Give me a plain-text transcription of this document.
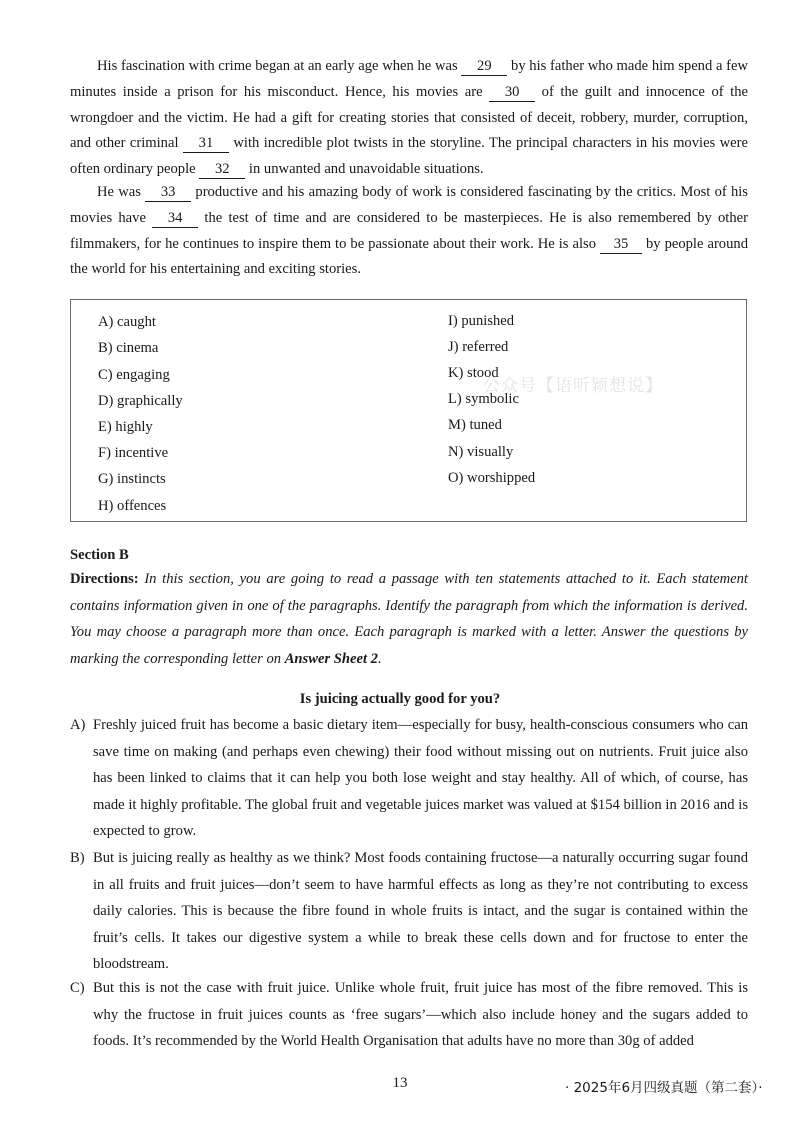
His fascination with crime began at an early age when he was 29 by his father who made him spend a few minutes inside a prison for his misconduct. Hence, his movies are 30 of the guilt and innocence of the wrongdoer and the victim. He had a gift for creating stories that consisted of deceit, robbery, murder, corruption, and other criminal 31 with incredible plot twists in the storyline. The principal characters in his movies were often ordinary people 32 in unwanted and unavoidable situations.

He was 33 productive and his amazing body of work is considered fascinating by the critics. Most of his movies have 34 the test of time and are considered to be masterpieces. He is also remembered by other filmmakers, for he continues to inspire them to be passionate about their work. He is also 35 by people around the world for his entertaining and exciting stories.

公众号【语听颖想说】
A) caught
B) cinema
C) engaging
D) graphically
E) highly
F) incentive
G) instincts
H) offences
I) punished
J) referred
K) stood
L) symbolic
M) tuned
N) visually
O) worshipped
Section B
Directions: In this section, you are going to read a passage with ten statements attached to it. Each statement contains information given in one of the paragraphs. Identify the paragraph from which the information is derived. You may choose a paragraph more than once. Each paragraph is marked with a letter. Answer the questions by marking the corresponding letter on Answer Sheet 2.
Is juicing actually good for you?
A) Freshly juiced fruit has become a basic dietary item—especially for busy, health-conscious consumers who can save time on making (and perhaps even chewing) their food without missing out on nutrients. Fruit juice also has been linked to claims that it can help you both lose weight and stay healthy. All of which, of course, has made it highly profitable. The global fruit and vegetable juices market was valued at $154 billion in 2016 and is expected to grow.
B) But is juicing really as healthy as we think? Most foods containing fructose—a naturally occurring sugar found in all fruits and fruit juices—don’t seem to have harmful effects as long as they’re not contributing to excess daily calories. This is because the fibre found in whole fruits is intact, and the sugar is contained within the fruit’s cells. It takes our digestive system a while to break these cells down and for fructose to enter the bloodstream.
C) But this is not the case with fruit juice. Unlike whole fruit, fruit juice has most of the fibre removed. This is why the fructose in fruit juices counts as ‘free sugars’—which also include honey and the sugars added to foods. It’s recommended by the World Health Organisation that adults have no more than 30g of added
13	· 2025年6月四级真题（第二套）·
